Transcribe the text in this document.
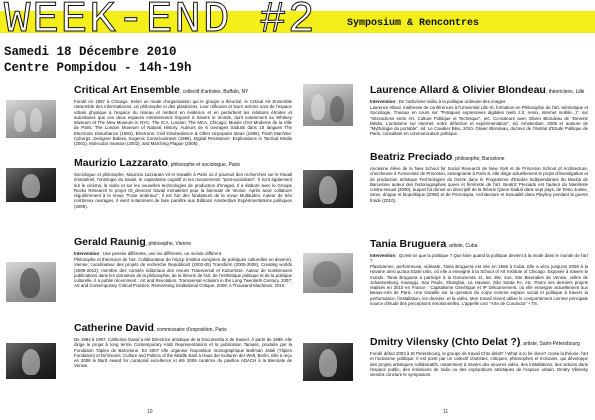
WEEK-END #2	Symposium & Rencontres
Samedi 18 Décembre 2010
Centre Pompidou - 14h-19h
Critical Art Ensemble, collectif d'artistes, Buffalo, NY
Fondé en 1987 à Chicago. Selon un mode d'organisation qui le groupe a théorisé, le Critical Art Ensemble rassemble des informaticiens, un philosophe et des plasticiens. Leur réflexion et leurs actions sont de l'espace urbain physique à l'espace du réseau et mettent en évidence et en perturbent les relations étroites et autoritaires que ces deux espaces entretiennent. Exposé à travers le monde, dont notamment au Whitney Museum et The New Museum in NYC, The ICA, London; The MCA, Chicago; Musée d'Art Moderne de la Ville de Paris; The London Museum of Natural History. Auteurs de 6 ouvrages traduits dans 18 langues The Electronic Disturbance (1994), Electronic Civil Disobedience & Other Unpopular Ideas (1996), Flesh Machine: Cyborgs, Designer Babies, Eugenic Consciousness (1998), Digital Resistance: Explorations in Tactical Media (2001), Molecular Invasion (2002), and Marching Plague (2006).
Maurizio Lazzarato, philosophe et sociologue, Paris
Sociologue et philosophe, Maurizio Lazzarato vit et travaille à Paris où il poursuit des recherches sur le travail immatériel, l'ontologie du travail, le capitalisme cognitif et les mouvements "post-socialistes". Il écrit également sur le cinéma, la vidéo et sur les nouvelles technologies de production d'images. Il a élaboré avec le Groupe Rocks Research le projet ID_devices/ travail immatériel pour la biennale de Venise. Après avoir collaboré régulièrement à la revue "Futur antérieur", il est l'un des fondateurs de la revue Multitudes. Auteur de très nombreux ouvrages, il vient notamment de faire paraître aux Editions Amsterdam Expérimentations politiques (2009).
Gerald Raunig, philosophe, Vienne
Intervention : Une pensée différente, une vie différente, un monde différent.
Philosophe et théoricien de l'art. Collaborateur de l'eipcp (Institut européen de politiques culturelles en devenir), Vienne; coordinateur des projets de recherche Republicart (2002-05) Transform (2005-2008), Creating worlds (2009-2012); membre des comités éditoriaux des revues Transversal et Kulturrisse. Auteur de nombreuses publications dans les domaines de la philosophie, de la théorie de l'art, de l'esthétique politique et de la politique culturelle. Il a publié récemment : Art and Revolution. Transversal Activism in the Long Twentieth Century, 2007; Art and Contemporary Critical Practice. Reinventing Institutional Critique, 2009; A Thousand Machines, 2010.
Catherine David, commissaire d'exposition, Paris
De 1994 à 1997, Catherine David a été Directrice artistique de la Documenta X de Kassel. À partir de 1998, elle dirige le projet à long terme Contemporary Arab Representations et la publication Tamass, produite par la Fondation Tàpies de Barcelone. En 2007 elle organise l'exposition monographique Bahman Jalali (Tàpies Fondation) et Di/Visions: Culture and Politics of the Middle East à Haus der Kulturen der Welt, Berlin. Elle a reçu en 2008 le Bard Award for curatorial excellence et été 2009 curatrice du pavillon ADACH à la Biennale de Venise.
10
Laurence Allard & Olivier Blondeau, théoriciens, Lille
Intervention : De l'activisme vidéo à la politique ordinaire des images
Laurence Allard, maîtresse de conférences à l'Université Lille III, formation en Philosophie de l'art, Sémiotique et Sociologie. Travaux en cours sur "Pratiques expressives digitales (web 2.0, remix, internet mobile...)", sur "Interactions entre Art, Culture Politique et Technique", etc. Co-auteure avec Olivier Blondeau de "Devenir Média. L'activisme sur Internet, entre défection et expérimentation", éd. Amsterdam, 2005 et auteure de "Mythologie du portable", éd. Le Cavalier Bleu, 2010. Olivier Blondeau, docteur de l'Institut d'Etude Politique de Paris, consultant en communication politique.
Beatriz Preciado, philosophe, Barcelone
Ancienne élève de la New School for Social Research de New York et de Princeton School of Architecture, chercheuse à l'Université de Princeton, enseignante à Paris 8, elle dirige actuellement le projet d'investigation et de production artistique Technologies du Genre dans le Programme d'Etudes Indépendantes du Macba de Barcelone auteur des historiographies queer et féministe de l'art. Beatriz Preciado est l'auteur du Manifeste contra-sexuel (2000), auquel fut donné un descriptif de la théorie Queer traduit dans sept pays, de Testo Junkie, Sexe, drogue et biopolitique (2008) et de Pornotopia. Architecture et Sexualité dans Playboy pendant la guerre froide (2010).
Tania Bruguera, artiste, Cuba
Intervention : Qu'est-ce que la politique ? Que faire quand la politique devient à la mode dans le monde de l'art ?
Plasticienne, performeuse, vidéaste, Tania Bruguera est née en 1968 à Cuba. Elle a vécu jusqu'en 2008 à la Havane ainsi qu'aux Etats-Unis, où elle a enseigné à la School of Art Institute of Chicago. Exposée à travers le monde, Tania Bruguera a participé à la Documenta 11, les 49e, 51e, 53e Biennales de Venise, celles de Johannesburg, Kwangju, Sao Paulo, Shanghai, La Havane, São Santa Fe, etc. Parmi ses derniers projets réalisés en 2010 en France : Capitalisme Génétique et IP Détournement, où elle enseigne actuellement aux Beaux-Arts de Paris. Une travaille sur la question du corps comme espace social et politique à travers la performance, l'installation, les dessins, et la vidéo. Mon travail récent utilise le comportement comme principale source d'étude des perceptions émotionnelles. L'appelle ceci "Arte de Conducta" + T8.
Dmitry Vilensky (Chto Delat ?), artiste, Saint-Pétersbourg
Fondé début 2003 à St Petersbourg, le groupe de travail Chto delat? / What is to be done? croise la théorie, l'art et l'activisme politique. Il est porté par un collectif d'artistes, critiques, philosophes et écrivains, qui développe des projets artistiques collaboratifs, notamment à travers des oeuvres vidéo, des installations, des actions dans l'espace public, des émissions de radio ou des explorations artistiques de l'espace urbain. Dmitry Vilensky viendra conclure le symposium.
11
